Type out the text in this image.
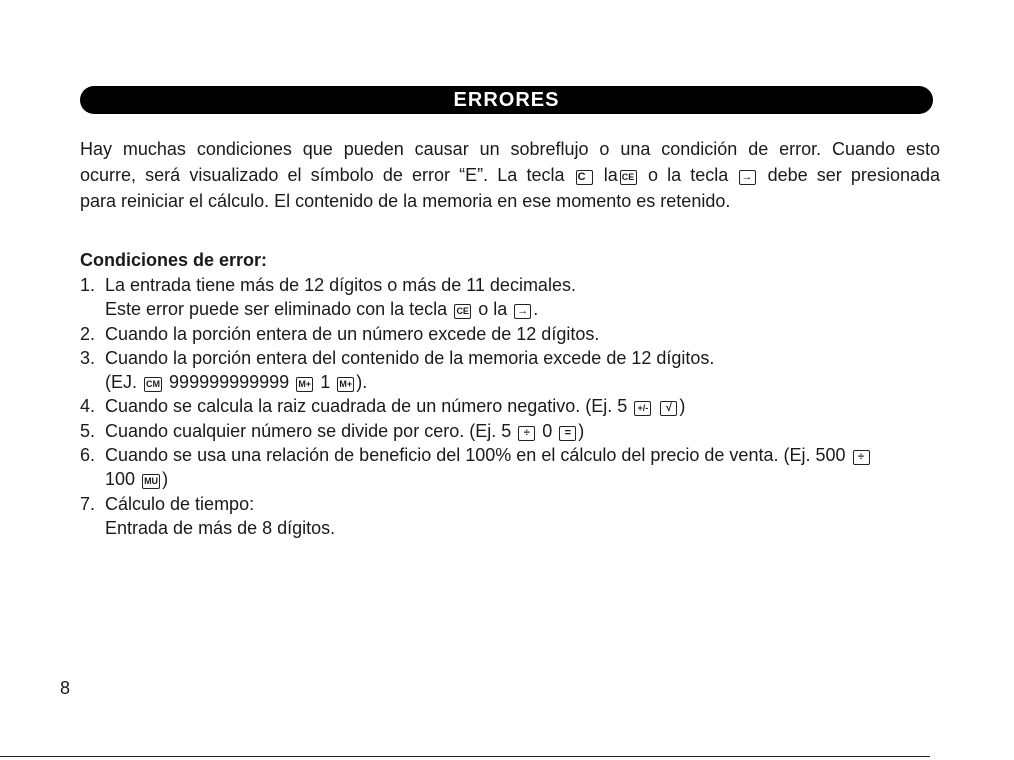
ERRORES
Hay muchas condiciones que pueden causar un sobreflujo o una condición de error. Cuando esto
ocurre, será visualizado el símbolo de error “E”. La tecla C la CE o la tecla → debe ser presionada
para reiniciar el cálculo. El contenido de la memoria en ese momento es retenido.
Condiciones de error:
1. La entrada tiene más de 12 dígitos o más de 11 decimales.
Este error puede ser eliminado con la tecla CE o la → .
2. Cuando la porción entera de un número excede de 12 dígitos.
3. Cuando la porción entera del contenido de la memoria excede de 12 dígitos.
(EJ. CM 999999999999 M+ 1 M+ ).
4. Cuando se calcula la raiz cuadrada de un número negativo. (Ej. 5 +/- √ )
5. Cuando cualquier número se divide por cero. (Ej. 5 ÷ 0 = )
6. Cuando se usa una relación de beneficio del 100% en el cálculo del precio de venta. (Ej. 500 ÷
100 MU )
7. Cálculo de tiempo:
Entrada de más de 8 dígitos.
8
